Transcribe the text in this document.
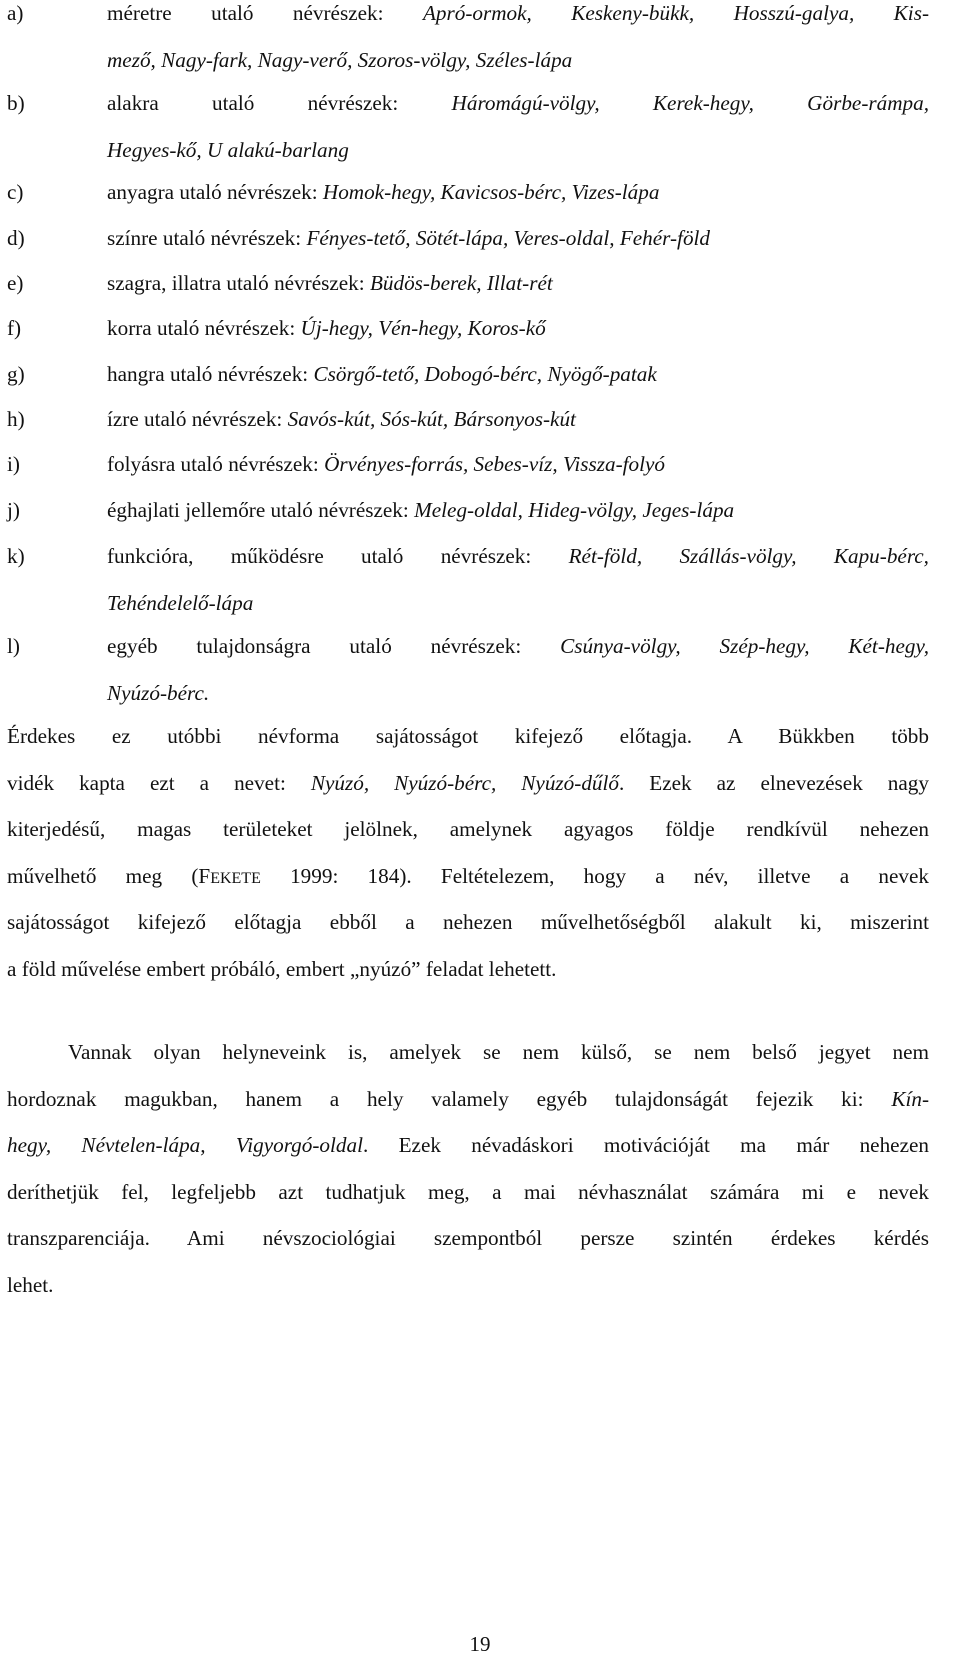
a)	méretre utaló névrészek: Apró-ormok, Keskeny-bükk, Hosszú-galya, Kis-
mező, Nagy-fark, Nagy-verő, Szoros-völgy, Széles-lápa
b)	alakra utaló névrészek: Háromágú-völgy, Kerek-hegy, Görbe-rámpa,
Hegyes-kő, U alakú-barlang
c)	anyagra utaló névrészek: Homok-hegy, Kavicsos-bérc, Vizes-lápa
d)	színre utaló névrészek: Fényes-tető, Sötét-lápa, Veres-oldal, Fehér-föld
e)	szagra, illatra utaló névrészek: Büdös-berek, Illat-rét
f)	korra utaló névrészek: Új-hegy, Vén-hegy, Koros-kő
g)	hangra utaló névrészek: Csörgő-tető, Dobogó-bérc, Nyögő-patak
h)	ízre utaló névrészek: Savós-kút, Sós-kút, Bársonyos-kút
i)	folyásra utaló névrészek: Örvényes-forrás, Sebes-víz, Vissza-folyó
j)	éghajlati jellemőre utaló névrészek: Meleg-oldal, Hideg-völgy, Jeges-lápa
k)	funkcióra, működésre utaló névrészek: Rét-föld, Szállás-völgy, Kapu-bérc,
Tehéndelelő-lápa
l)	egyéb tulajdonságra utaló névrészek: Csúnya-völgy, Szép-hegy, Két-hegy,
Nyúzó-bérc.
Érdekes ez utóbbi névforma sajátosságot kifejező előtagja. A Bükkben több
vidék kapta ezt a nevet: Nyúzó, Nyúzó-bérc, Nyúzó-dűlő. Ezek az elnevezések nagy
kiterjedésű, magas területeket jelölnek, amelynek agyagos földje rendkívül nehezen
művelhető meg (FEKETE 1999: 184). Feltételezem, hogy a név, illetve a nevek
sajátosságot kifejező előtagja ebből a nehezen művelhetőségből alakult ki, miszerint
a föld művelése embert próbáló, embert „nyúzó” feladat lehetett.
Vannak olyan helyneveink is, amelyek se nem külső, se nem belső jegyet nem
hordoznak magukban, hanem a hely valamely egyéb tulajdonságát fejezik ki: Kín-
hegy, Névtelen-lápa, Vigyorgó-oldal. Ezek névadáskori motivációját ma már nehezen
deríthetjük fel, legfeljebb azt tudhatjuk meg, a mai névhasználat számára mi e nevek
transzparenciája. Ami névszociológiai szempontból persze szintén érdekes kérdés
lehet.
19
